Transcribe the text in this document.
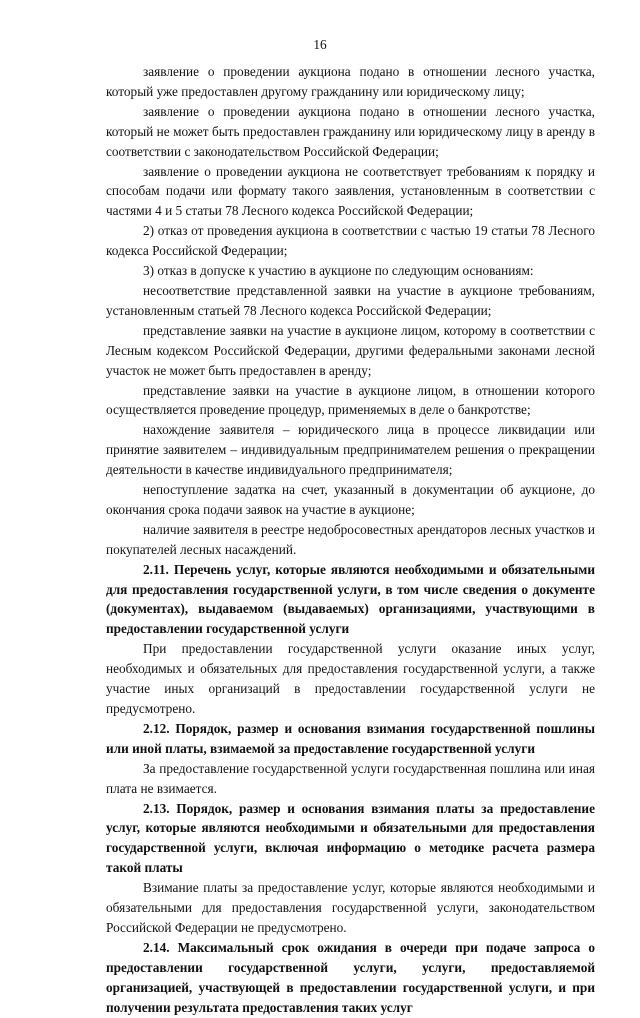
16

заявление о проведении аукциона подано в отношении лесного участка, который уже предоставлен другому гражданину или юридическому лицу;

заявление о проведении аукциона подано в отношении лесного участка, который не может быть предоставлен гражданину или юридическому лицу в аренду в соответствии с законодательством Российской Федерации;

заявление о проведении аукциона не соответствует требованиям к порядку и способам подачи или формату такого заявления, установленным в соответствии с частями 4 и 5 статьи 78 Лесного кодекса Российской Федерации;

2) отказ от проведения аукциона в соответствии с частью 19 статьи 78 Лесного кодекса Российской Федерации;

3) отказ в допуске к участию в аукционе по следующим основаниям:

несоответствие представленной заявки на участие в аукционе требованиям, установленным статьей 78 Лесного кодекса Российской Федерации;

представление заявки на участие в аукционе лицом, которому в соответствии с Лесным кодексом Российской Федерации, другими федеральными законами лесной участок не может быть предоставлен в аренду;

представление заявки на участие в аукционе лицом, в отношении которого осуществляется проведение процедур, применяемых в деле о банкротстве;

нахождение заявителя – юридического лица в процессе ликвидации или принятие заявителем – индивидуальным предпринимателем решения о прекращении деятельности в качестве индивидуального предпринимателя;

непоступление задатка на счет, указанный в документации об аукционе, до окончания срока подачи заявок на участие в аукционе;

наличие заявителя в реестре недобросовестных арендаторов лесных участков и покупателей лесных насаждений.

2.11. Перечень услуг, которые являются необходимыми и обязательными для предоставления государственной услуги, в том числе сведения о документе (документах), выдаваемом (выдаваемых) организациями, участвующими в предоставлении государственной услуги

При предоставлении государственной услуги оказание иных услуг, необходимых и обязательных для предоставления государственной услуги, а также участие иных организаций в предоставлении государственной услуги не предусмотрено.

2.12. Порядок, размер и основания взимания государственной пошлины или иной платы, взимаемой за предоставление государственной услуги

За предоставление государственной услуги государственная пошлина или иная плата не взимается.

2.13. Порядок, размер и основания взимания платы за предоставление услуг, которые являются необходимыми и обязательными для предоставления государственной услуги, включая информацию о методике расчета размера такой платы

Взимание платы за предоставление услуг, которые являются необходимыми и обязательными для предоставления государственной услуги, законодательством Российской Федерации не предусмотрено.

2.14. Максимальный срок ожидания в очереди при подаче запроса о предоставлении государственной услуги, услуги, предоставляемой организацией, участвующей в предоставлении государственной услуги, и при получении результата предоставления таких услуг
